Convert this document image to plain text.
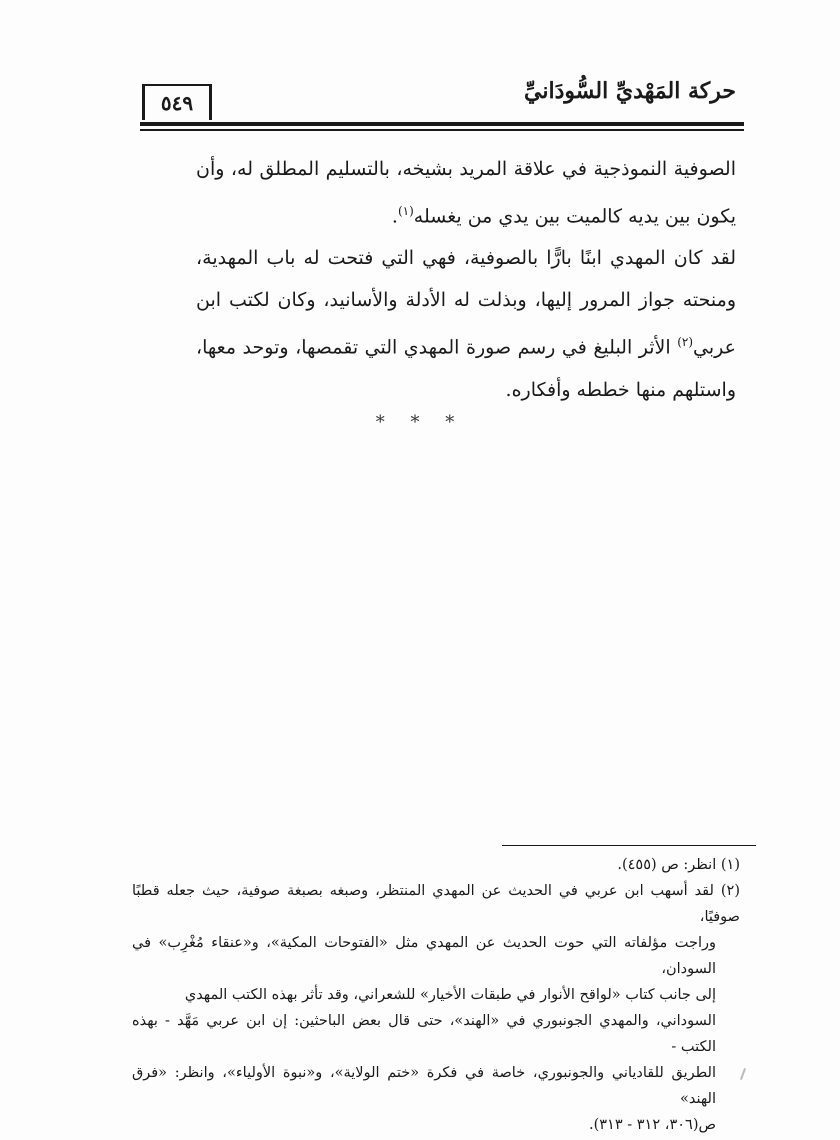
حركة المَهْديِّ السُّودَانيِّ
٥٤٩

الصوفية النموذجية في علاقة المريد بشيخه، بالتسليم المطلق له، وأن يكون بين يديه كالميت بين يدي من يغسله$^{(١)}$.

لقد كان المهدي ابنًا بارًّا بالصوفية، فهي التي فتحت له باب المهدية، ومنحته جواز المرور إليها، وبذلت له الأدلة والأسانيد، وكان لكتب ابن عربي$^{(٢)}$ الأثر البليغ في رسم صورة المهدي التي تقمصها، وتوحد معها، واستلهم منها خططه وأفكاره.

* * *

(١) انظر: ص (٤٥٥).

(٢) لقد أسهب ابن عربي في الحديث عن المهدي المنتظر، وصبغه بصبغة صوفية، حيث جعله قطبًا صوفيًا،

وراجت مؤلفاته التي حوت الحديث عن المهدي مثل «الفتوحات المكية»، و«عنقاء مُغْرِب» في السودان،

إلى جانب كتاب «لواقح الأنوار في طبقات الأخيار» للشعراني، وقد تأثر بهذه الكتب المهدي

السوداني، والمهدي الجونبوري في «الهند»، حتى قال بعض الباحثين: إن ابن عربي مَهَّد - بهذه الكتب -

الطريق للقادياني والجونبوري، خاصة في فكرة «ختم الولاية»، و«نبوة الأولياء»، وانظر: «فرق الهند»

ص(٣٠٦، ٣١٢ - ٣١٣).
